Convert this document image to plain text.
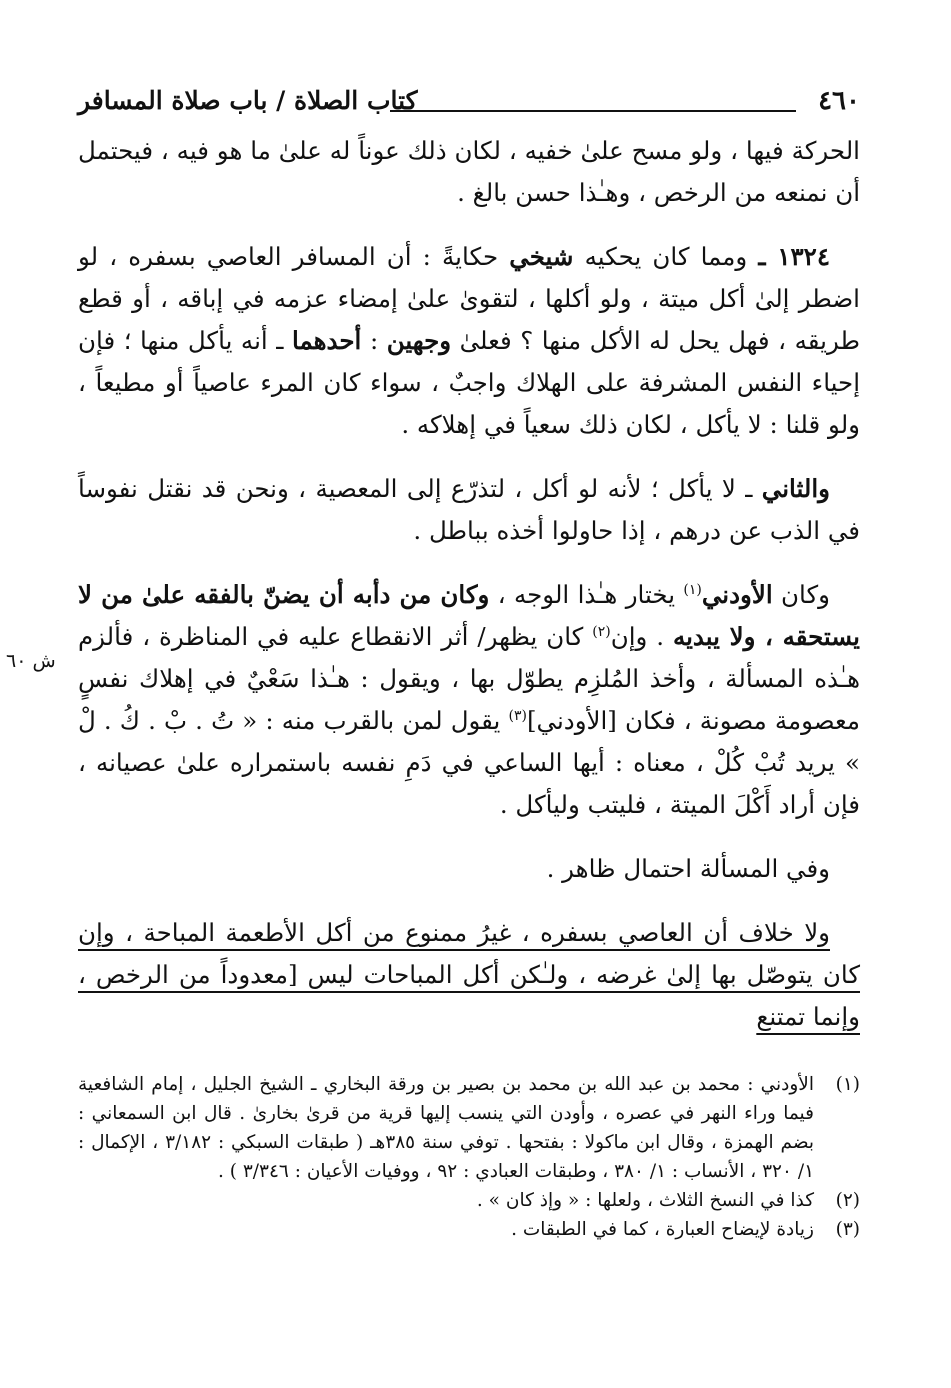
٤٦٠
كتاب الصلاة / باب صلاة المسافر
ش ٦٠

الحركة فيها ، ولو مسح علىٰ خفيه ، لكان ذلك عوناً له علىٰ ما هو فيه ، فيحتمل أن نمنعه من الرخص ، وهـٰذا حسن بالغ .

١٣٢٤ ـ ومما كان يحكيه شيخي حكايةً : أن المسافر العاصي بسفره ، لو اضطر إلىٰ أكل ميتة ، ولو أكلها ، لتقوىٰ علىٰ إمضاء عزمه في إباقه ، أو قطع طريقه ، فهل يحل له الأكل منها ؟ فعلىٰ وجهين : أحدهما ـ أنه يأكل منها ؛ فإن إحياء النفس المشرفة على الهلاك واجبٌ ، سواء كان المرء عاصياً أو مطيعاً ، ولو قلنا : لا يأكل ، لكان ذلك سعياً في إهلاكه .

والثاني ـ لا يأكل ؛ لأنه لو أكل ، لتذرّع إلى المعصية ، ونحن قد نقتل نفوساً في الذب عن درهم ، إذا حاولوا أخذه بباطل .

وكان الأودني$^{(١)}$ يختار هـٰذا الوجه ، وكان من دأبه أن يضنّ بالفقه علىٰ من لا يستحقه ، ولا يبديه . وإن$^{(٢)}$ كان يظهر/ أثر الانقطاع عليه في المناظرة ، فألزم هـٰذه المسألة ، وأخذ المُلزِم يطوّل بها ، ويقول : هـٰذا سَعْيٌ في إهلاك نفسٍ معصومة مصونة ، فكان [الأودني]$^{(٣)}$ يقول لمن بالقرب منه : « تُ . بْ . كُ . لْ » يريد تُبْ كُلْ ، معناه : أيها الساعي في دَمِ نفسه باستمراره علىٰ عصيانه ، فإن أراد أَكْلَ الميتة ، فليتب وليأكل .

وفي المسألة احتمال ظاهر .

ولا خلاف أن العاصي بسفره ، غيرُ ممنوع من أكل الأطعمة المباحة ، وإن كان يتوصّل بها إلىٰ غرضه ، ولـٰكن أكل المباحات ليس [معدوداً من الرخص ، وإنما تمتنع

(١)
الأودني : محمد بن عبد الله بن محمد بن بصير بن ورقة البخاري ـ الشيخ الجليل ، إمام الشافعية فيما وراء النهر في عصره ، وأودن التي ينسب إليها قرية من قرىٰ بخارىٰ . قال ابن السمعاني : بضم الهمزة ، وقال ابن ماكولا : بفتحها . توفي سنة ٣٨٥هـ ( طبقات السبكي : ٣/١٨٢ ، الإكمال : ١/ ٣٢٠ ، الأنساب : ١/ ٣٨٠ ، وطبقات العبادي : ٩٢ ، ووفيات الأعيان : ٣/٣٤٦ ) .
(٢)
كذا في النسخ الثلاث ، ولعلها : « وإذ كان » .
(٣)
زيادة لإيضاح العبارة ، كما في الطبقات .
